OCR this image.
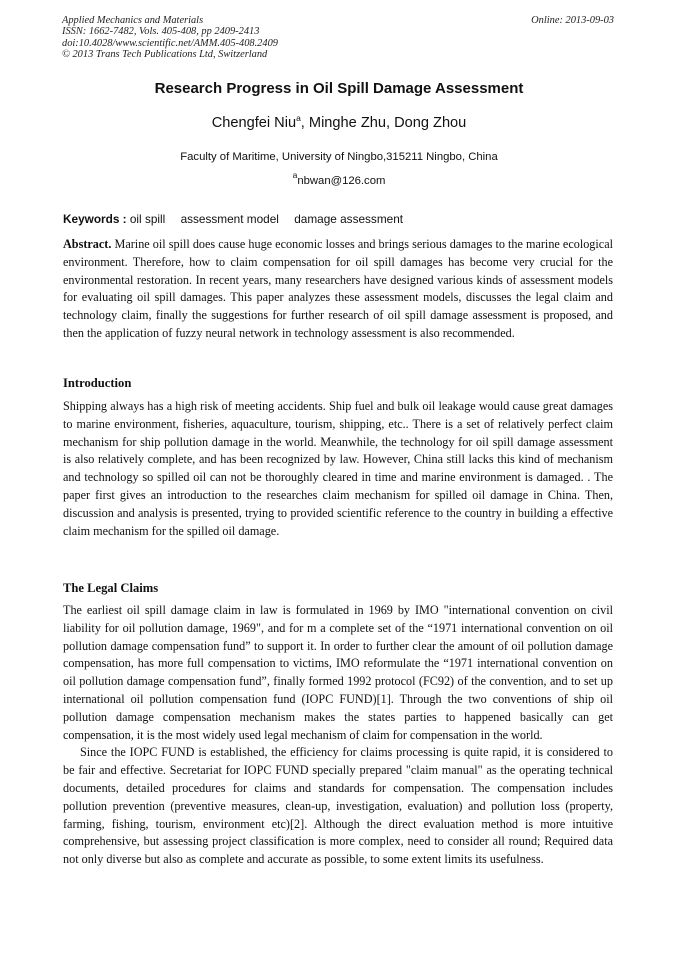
Applied Mechanics and Materials
ISSN: 1662-7482, Vols. 405-408, pp 2409-2413
doi:10.4028/www.scientific.net/AMM.405-408.2409
© 2013 Trans Tech Publications Ltd, Switzerland
Online: 2013-09-03
Research Progress in Oil Spill Damage Assessment
Chengfei Niu$^a$, Minghe Zhu, Dong Zhou
Faculty of Maritime, University of Ningbo,315211 Ningbo, China
$^a$nbwan@126.com
Keywords : oil spill assessment model damage assessment

Abstract. Marine oil spill does cause huge economic losses and brings serious damages to the marine ecological environment. Therefore, how to claim compensation for oil spill damages has become very crucial for the environmental restoration. In recent years, many researchers have designed various kinds of assessment models for evaluating oil spill damages. This paper analyzes these assessment models, discusses the legal claim and technology claim, finally the suggestions for further research of oil spill damage assessment is proposed, and then the application of fuzzy neural network in technology assessment is also recommended.

Introduction

Shipping always has a high risk of meeting accidents. Ship fuel and bulk oil leakage would cause great damages to marine environment, fisheries, aquaculture, tourism, shipping, etc.. There is a set of relatively perfect claim mechanism for ship pollution damage in the world. Meanwhile, the technology for oil spill damage assessment is also relatively complete, and has been recognized by law. However, China still lacks this kind of mechanism and technology so spilled oil can not be thoroughly cleared in time and marine environment is damaged. . The paper first gives an introduction to the researches claim mechanism for spilled oil damage in China. Then, discussion and analysis is presented, trying to provided scientific reference to the country in building a effective claim mechanism for the spilled oil damage.

The Legal Claims

The earliest oil spill damage claim in law is formulated in 1969 by IMO "international convention on civil liability for oil pollution damage, 1969", and for m a complete set of the “1971 international convention on oil pollution damage compensation fund” to support it. In order to further clear the amount of oil pollution damage compensation, has more full compensation to victims, IMO reformulate the “1971 international convention on oil pollution damage compensation fund”, finally formed 1992 protocol (FC92) of the convention, and to set up international oil pollution compensation fund (IOPC FUND)[1]. Through the two conventions of ship oil pollution damage compensation mechanism makes the states parties to happened basically can get compensation, it is the most widely used legal mechanism of claim for compensation in the world.

Since the IOPC FUND is established, the efficiency for claims processing is quite rapid, it is considered to be fair and effective. Secretariat for IOPC FUND specially prepared "claim manual" as the operating technical documents, detailed procedures for claims and standards for compensation. The compensation includes pollution prevention (preventive measures, clean-up, investigation, evaluation) and pollution loss (property, farming, fishing, tourism, environment etc)[2]. Although the direct evaluation method is more intuitive comprehensive, but assessing project classification is more complex, need to consider all round; Required data not only diverse but also as complete and accurate as possible, to some extent limits its usefulness.
